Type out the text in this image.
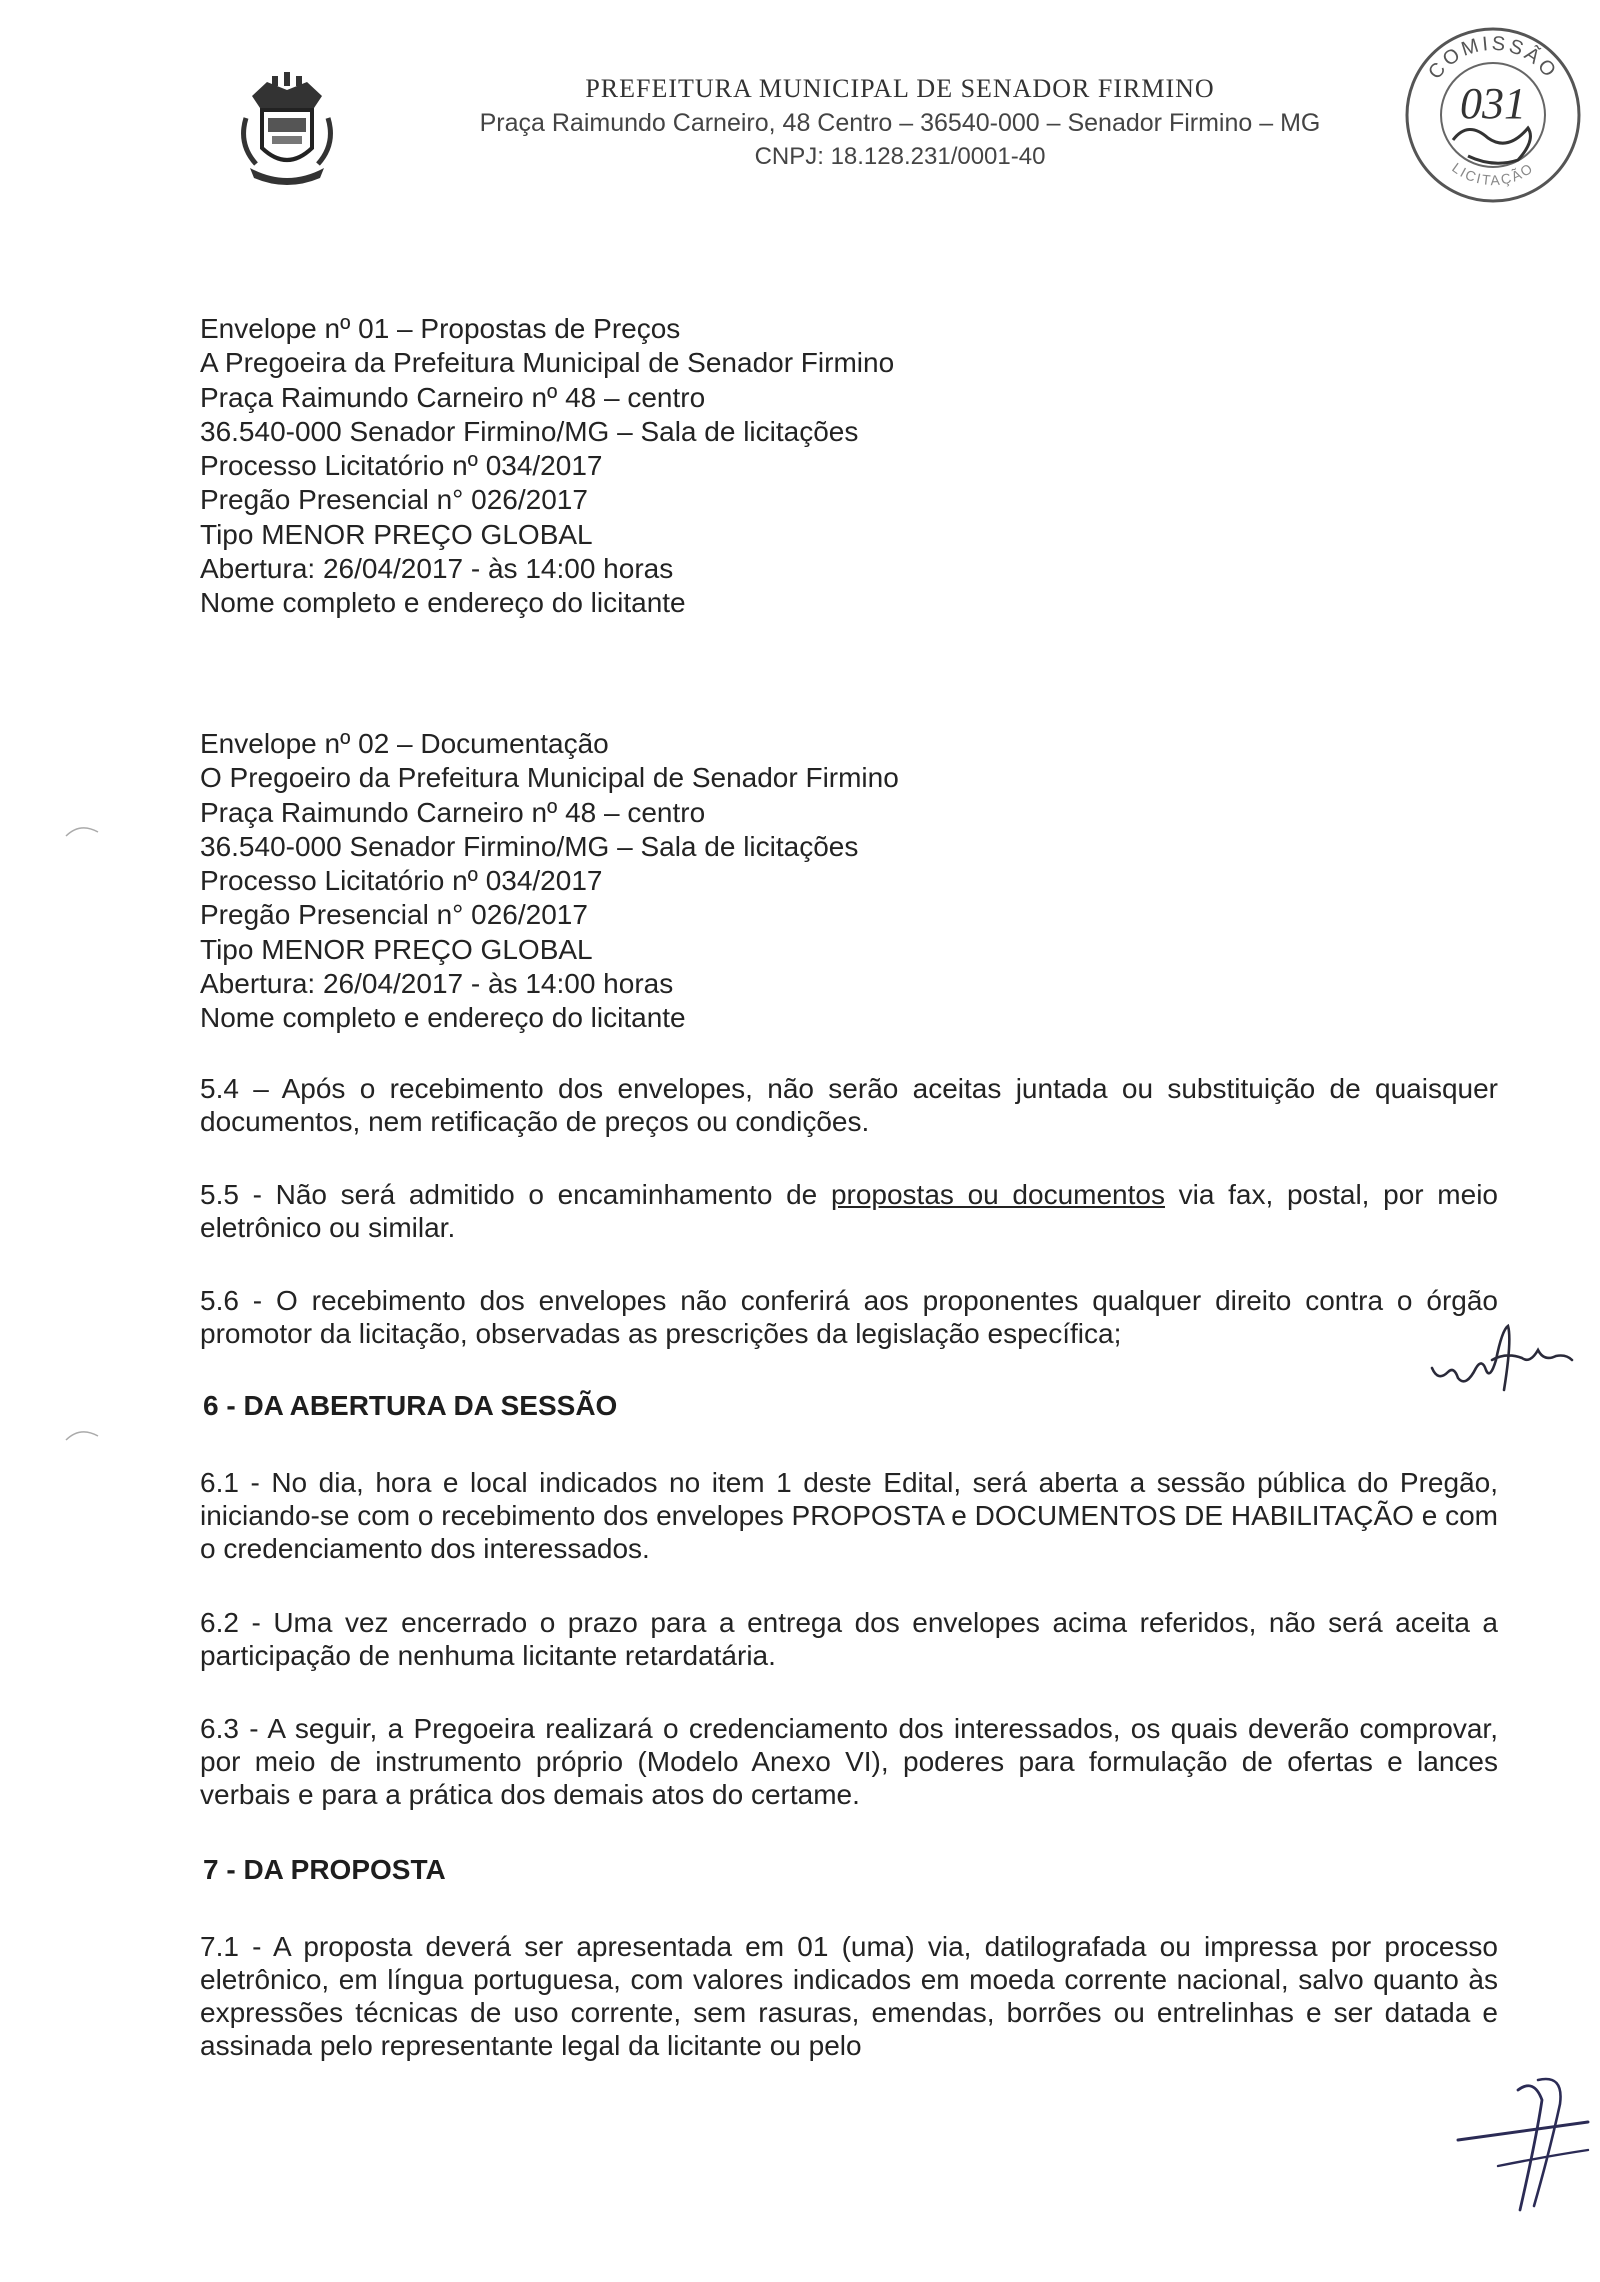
PREFEITURA MUNICIPAL DE SENADOR FIRMINO
Praça Raimundo Carneiro, 48 Centro – 36540-000 – Senador Firmino – MG
CNPJ: 18.128.231/0001-40
COMISSÃO
LICITAÇÃO
031
Envelope nº 01 – Propostas de Preços
A Pregoeira da Prefeitura Municipal de Senador Firmino
Praça Raimundo Carneiro nº 48 – centro
36.540-000 Senador Firmino/MG – Sala de licitações
Processo Licitatório nº 034/2017
Pregão Presencial n° 026/2017
Tipo MENOR PREÇO GLOBAL
Abertura: 26/04/2017 - às 14:00 horas
Nome completo e endereço do licitante
Envelope nº 02 – Documentação
O Pregoeiro da Prefeitura Municipal de Senador Firmino
Praça Raimundo Carneiro nº 48 – centro
36.540-000 Senador Firmino/MG – Sala de licitações
Processo Licitatório nº 034/2017
Pregão Presencial n° 026/2017
Tipo MENOR PREÇO GLOBAL
Abertura: 26/04/2017 - às 14:00 horas
Nome completo e endereço do licitante
5.4 – Após o recebimento dos envelopes, não serão aceitas juntada ou substituição de quaisquer documentos, nem retificação de preços ou condições.
5.5 - Não será admitido o encaminhamento de propostas ou documentos via fax, postal, por meio eletrônico ou similar.
5.6 - O recebimento dos envelopes não conferirá aos proponentes qualquer direito contra o órgão promotor da licitação, observadas as prescrições da legislação específica;
6 - DA ABERTURA DA SESSÃO
6.1 - No dia, hora e local indicados no item 1 deste Edital, será aberta a sessão pública do Pregão, iniciando-se com o recebimento dos envelopes PROPOSTA e DOCUMENTOS DE HABILITAÇÃO e com o credenciamento dos interessados.
6.2 - Uma vez encerrado o prazo para a entrega dos envelopes acima referidos, não será aceita a participação de nenhuma licitante retardatária.
6.3 - A seguir, a Pregoeira realizará o credenciamento dos interessados, os quais deverão comprovar, por meio de instrumento próprio (Modelo Anexo VI), poderes para formulação de ofertas e lances verbais e para a prática dos demais atos do certame.
7 - DA PROPOSTA
7.1 - A proposta deverá ser apresentada em 01 (uma) via, datilografada ou impressa por processo eletrônico, em língua portuguesa, com valores indicados em moeda corrente nacional, salvo quanto às expressões técnicas de uso corrente, sem rasuras, emendas, borrões ou entrelinhas e ser datada e assinada pelo representante legal da licitante ou pelo
